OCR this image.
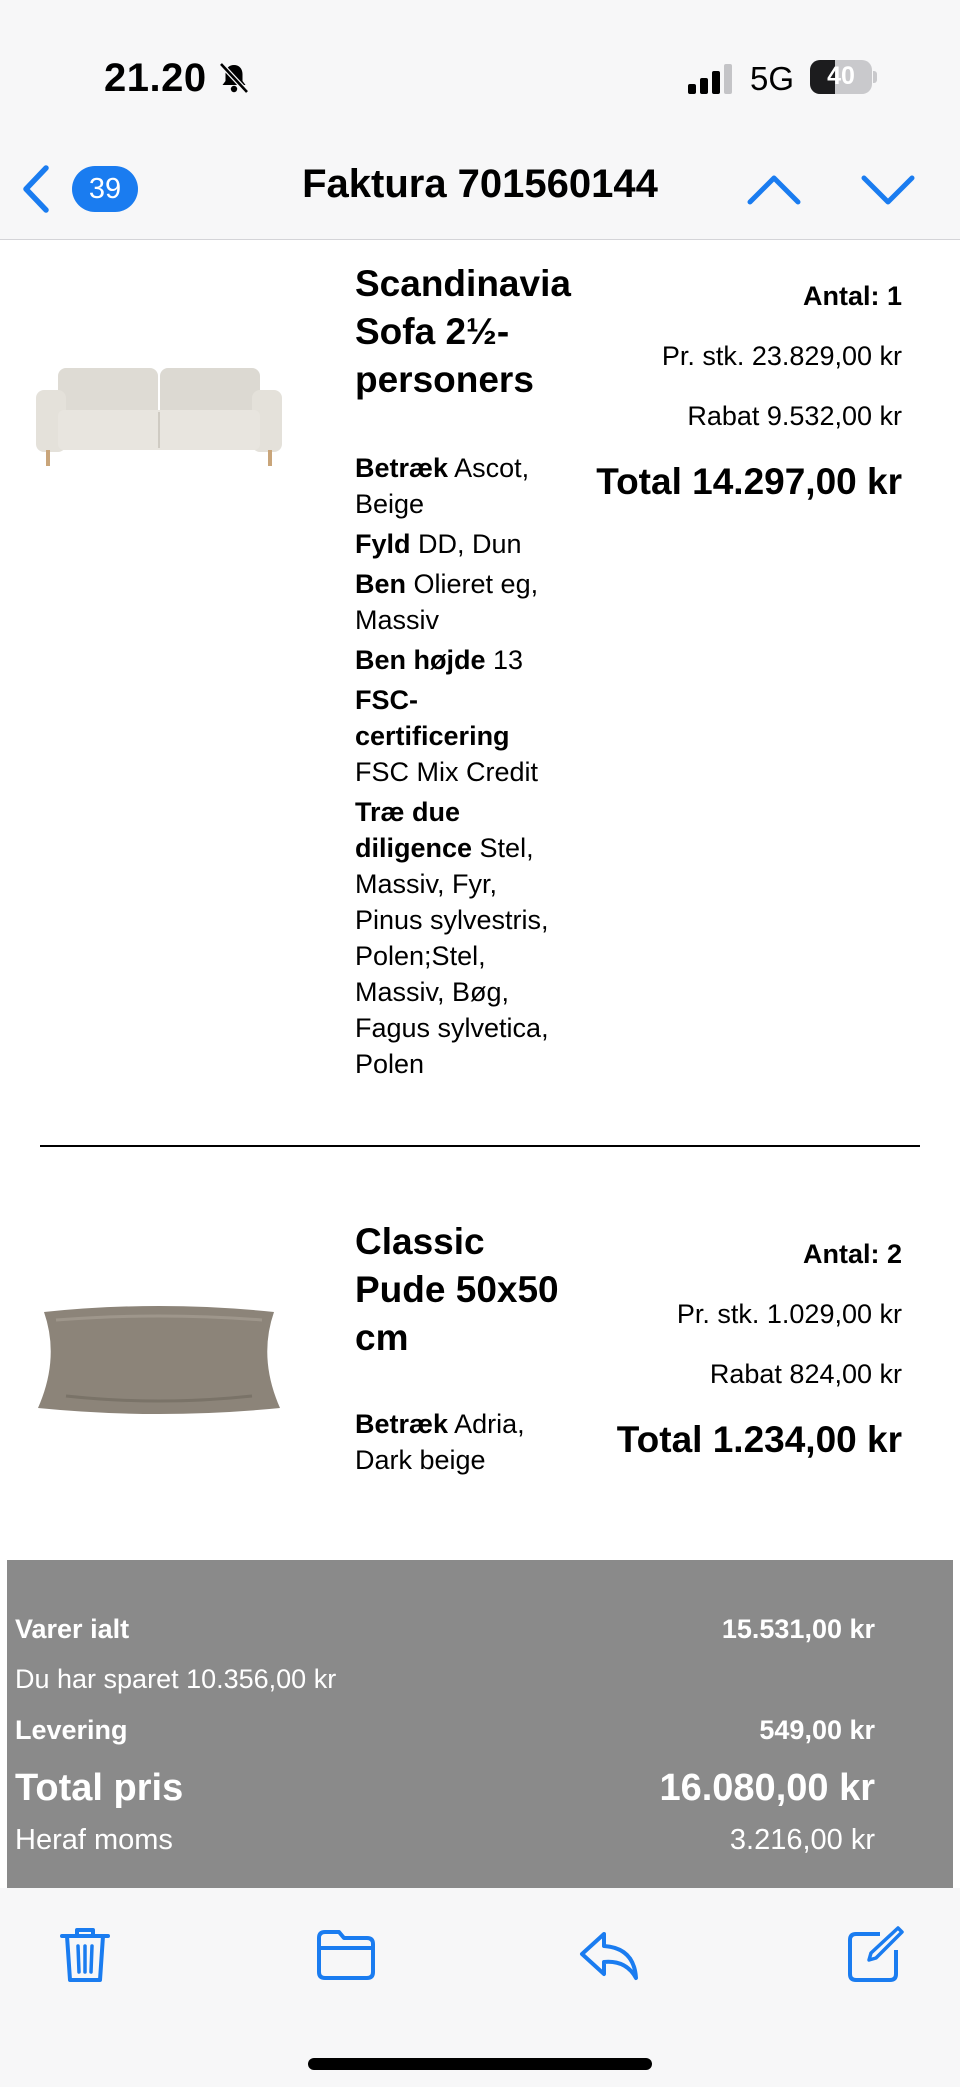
21.20	5G	40
39	Faktura 701560144
Scandinavia
Sofa 2½-
personers
Betræk Ascot, Beige
Fyld DD, Dun
Ben Olieret eg, Massiv
Ben højde 13
FSC-certificering FSC Mix Credit
Træ due diligence Stel, Massiv, Fyr, Pinus sylvestris, Polen;Stel, Massiv, Bøg, Fagus sylvetica, Polen
Antal: 1
Pr. stk. 23.829,00 kr
Rabat 9.532,00 kr
Total 14.297,00 kr
Classic
Pude 50x50
cm
Betræk Adria, Dark beige
Antal: 2
Pr. stk. 1.029,00 kr
Rabat 824,00 kr
Total 1.234,00 kr
Varer ialt	15.531,00 kr
Du har sparet 10.356,00 kr
Levering	549,00 kr
Total pris	16.080,00 kr
Heraf moms	3.216,00 kr
